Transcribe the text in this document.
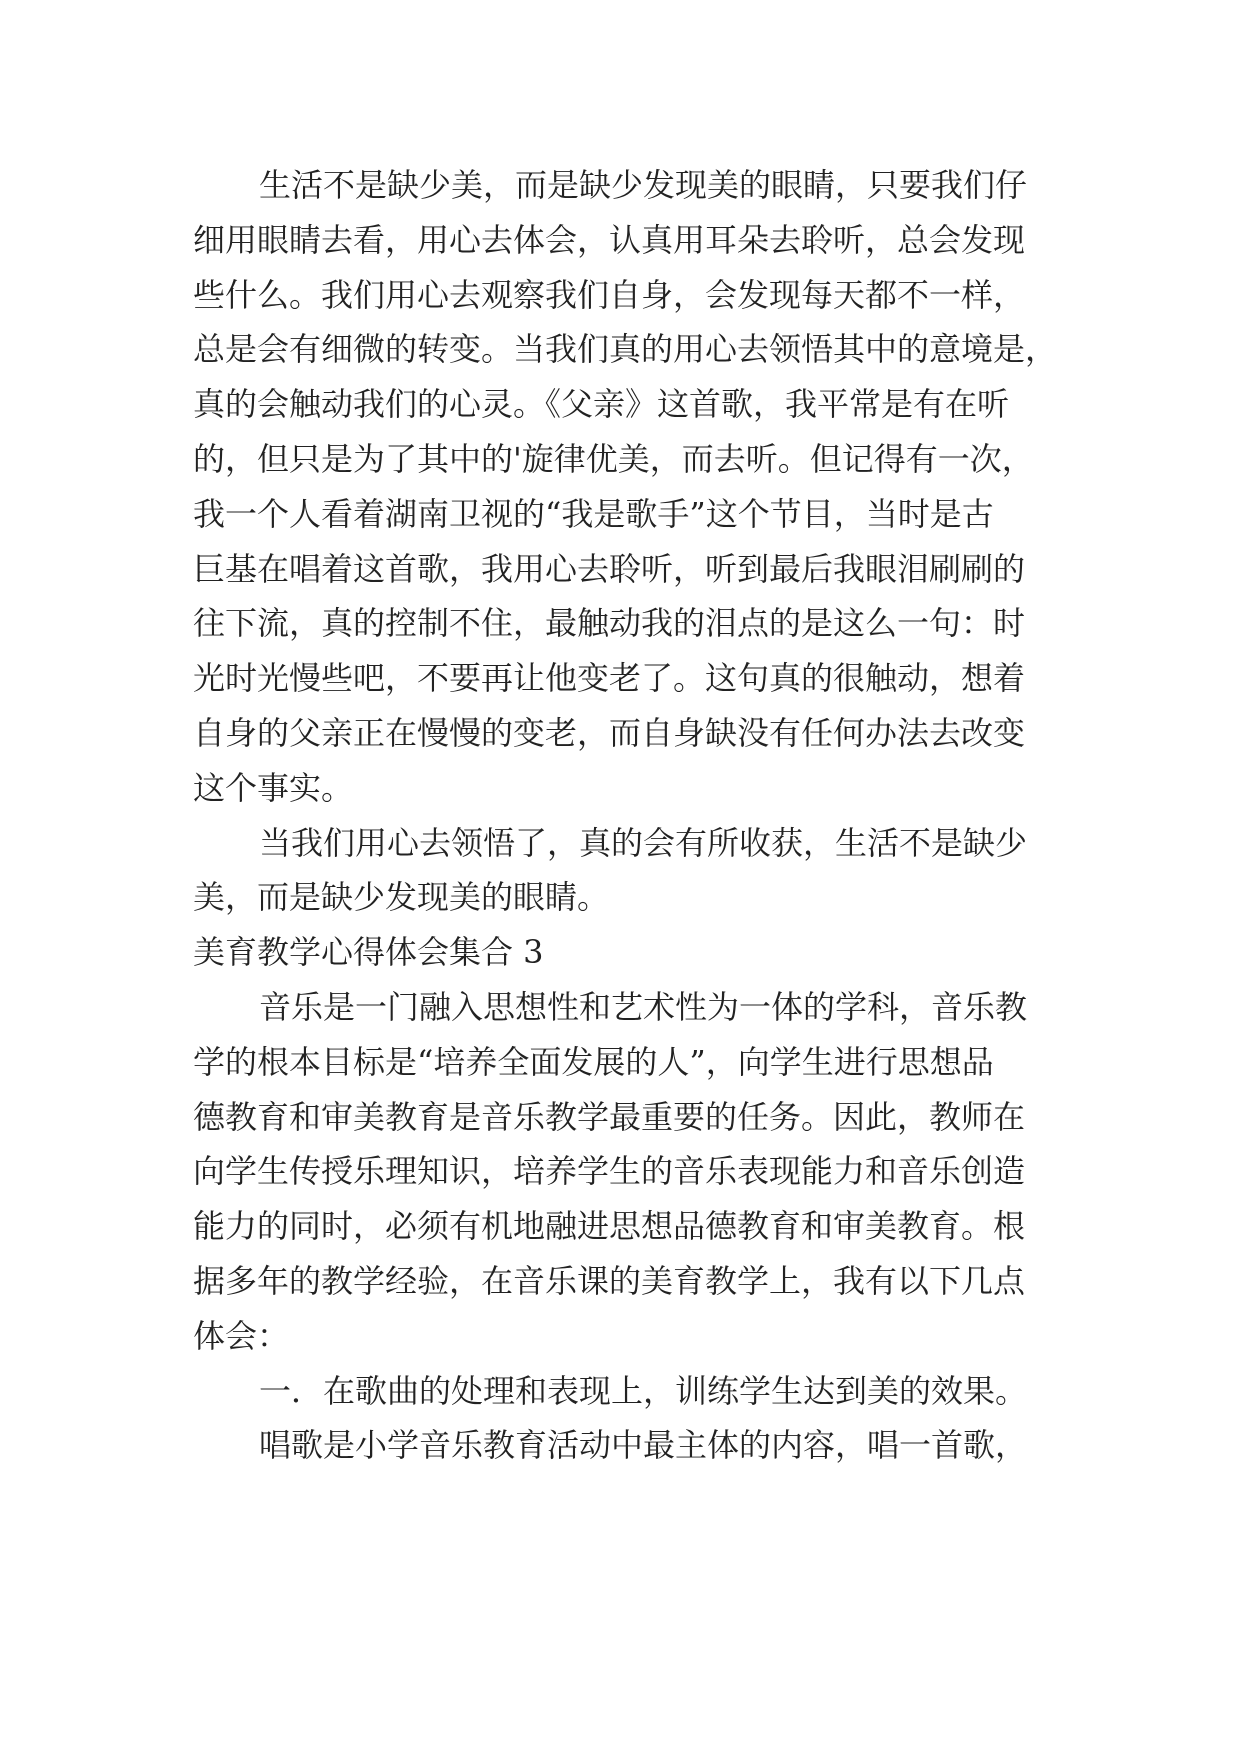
生活不是缺少美，而是缺少发现美的眼睛，只要我们仔
细用眼睛去看，用心去体会，认真用耳朵去聆听，总会发现
些什么。我们用心去观察我们自身，会发现每天都不一样，
总是会有细微的转变。当我们真的用心去领悟其中的意境是，
真的会触动我们的心灵。《父亲》这首歌，我平常是有在听
的，但只是为了其中的'旋律优美，而去听。但记得有一次，
我一个人看着湖南卫视的“我是歌手”这个节目，当时是古
巨基在唱着这首歌，我用心去聆听，听到最后我眼泪刷刷的
往下流，真的控制不住，最触动我的泪点的是这么一句：时
光时光慢些吧，不要再让他变老了。这句真的很触动，想着
自身的父亲正在慢慢的变老，而自身缺没有任何办法去改变
这个事实。
当我们用心去领悟了，真的会有所收获，生活不是缺少
美，而是缺少发现美的眼睛。
美育教学心得体会集合 3
音乐是一门融入思想性和艺术性为一体的学科，音乐教
学的根本目标是“培养全面发展的人”，向学生进行思想品
德教育和审美教育是音乐教学最重要的任务。因此，教师在
向学生传授乐理知识，培养学生的音乐表现能力和音乐创造
能力的同时，必须有机地融进思想品德教育和审美教育。根
据多年的教学经验，在音乐课的美育教学上，我有以下几点
体会：
一．在歌曲的处理和表现上，训练学生达到美的效果。
唱歌是小学音乐教育活动中最主体的内容，唱一首歌，
